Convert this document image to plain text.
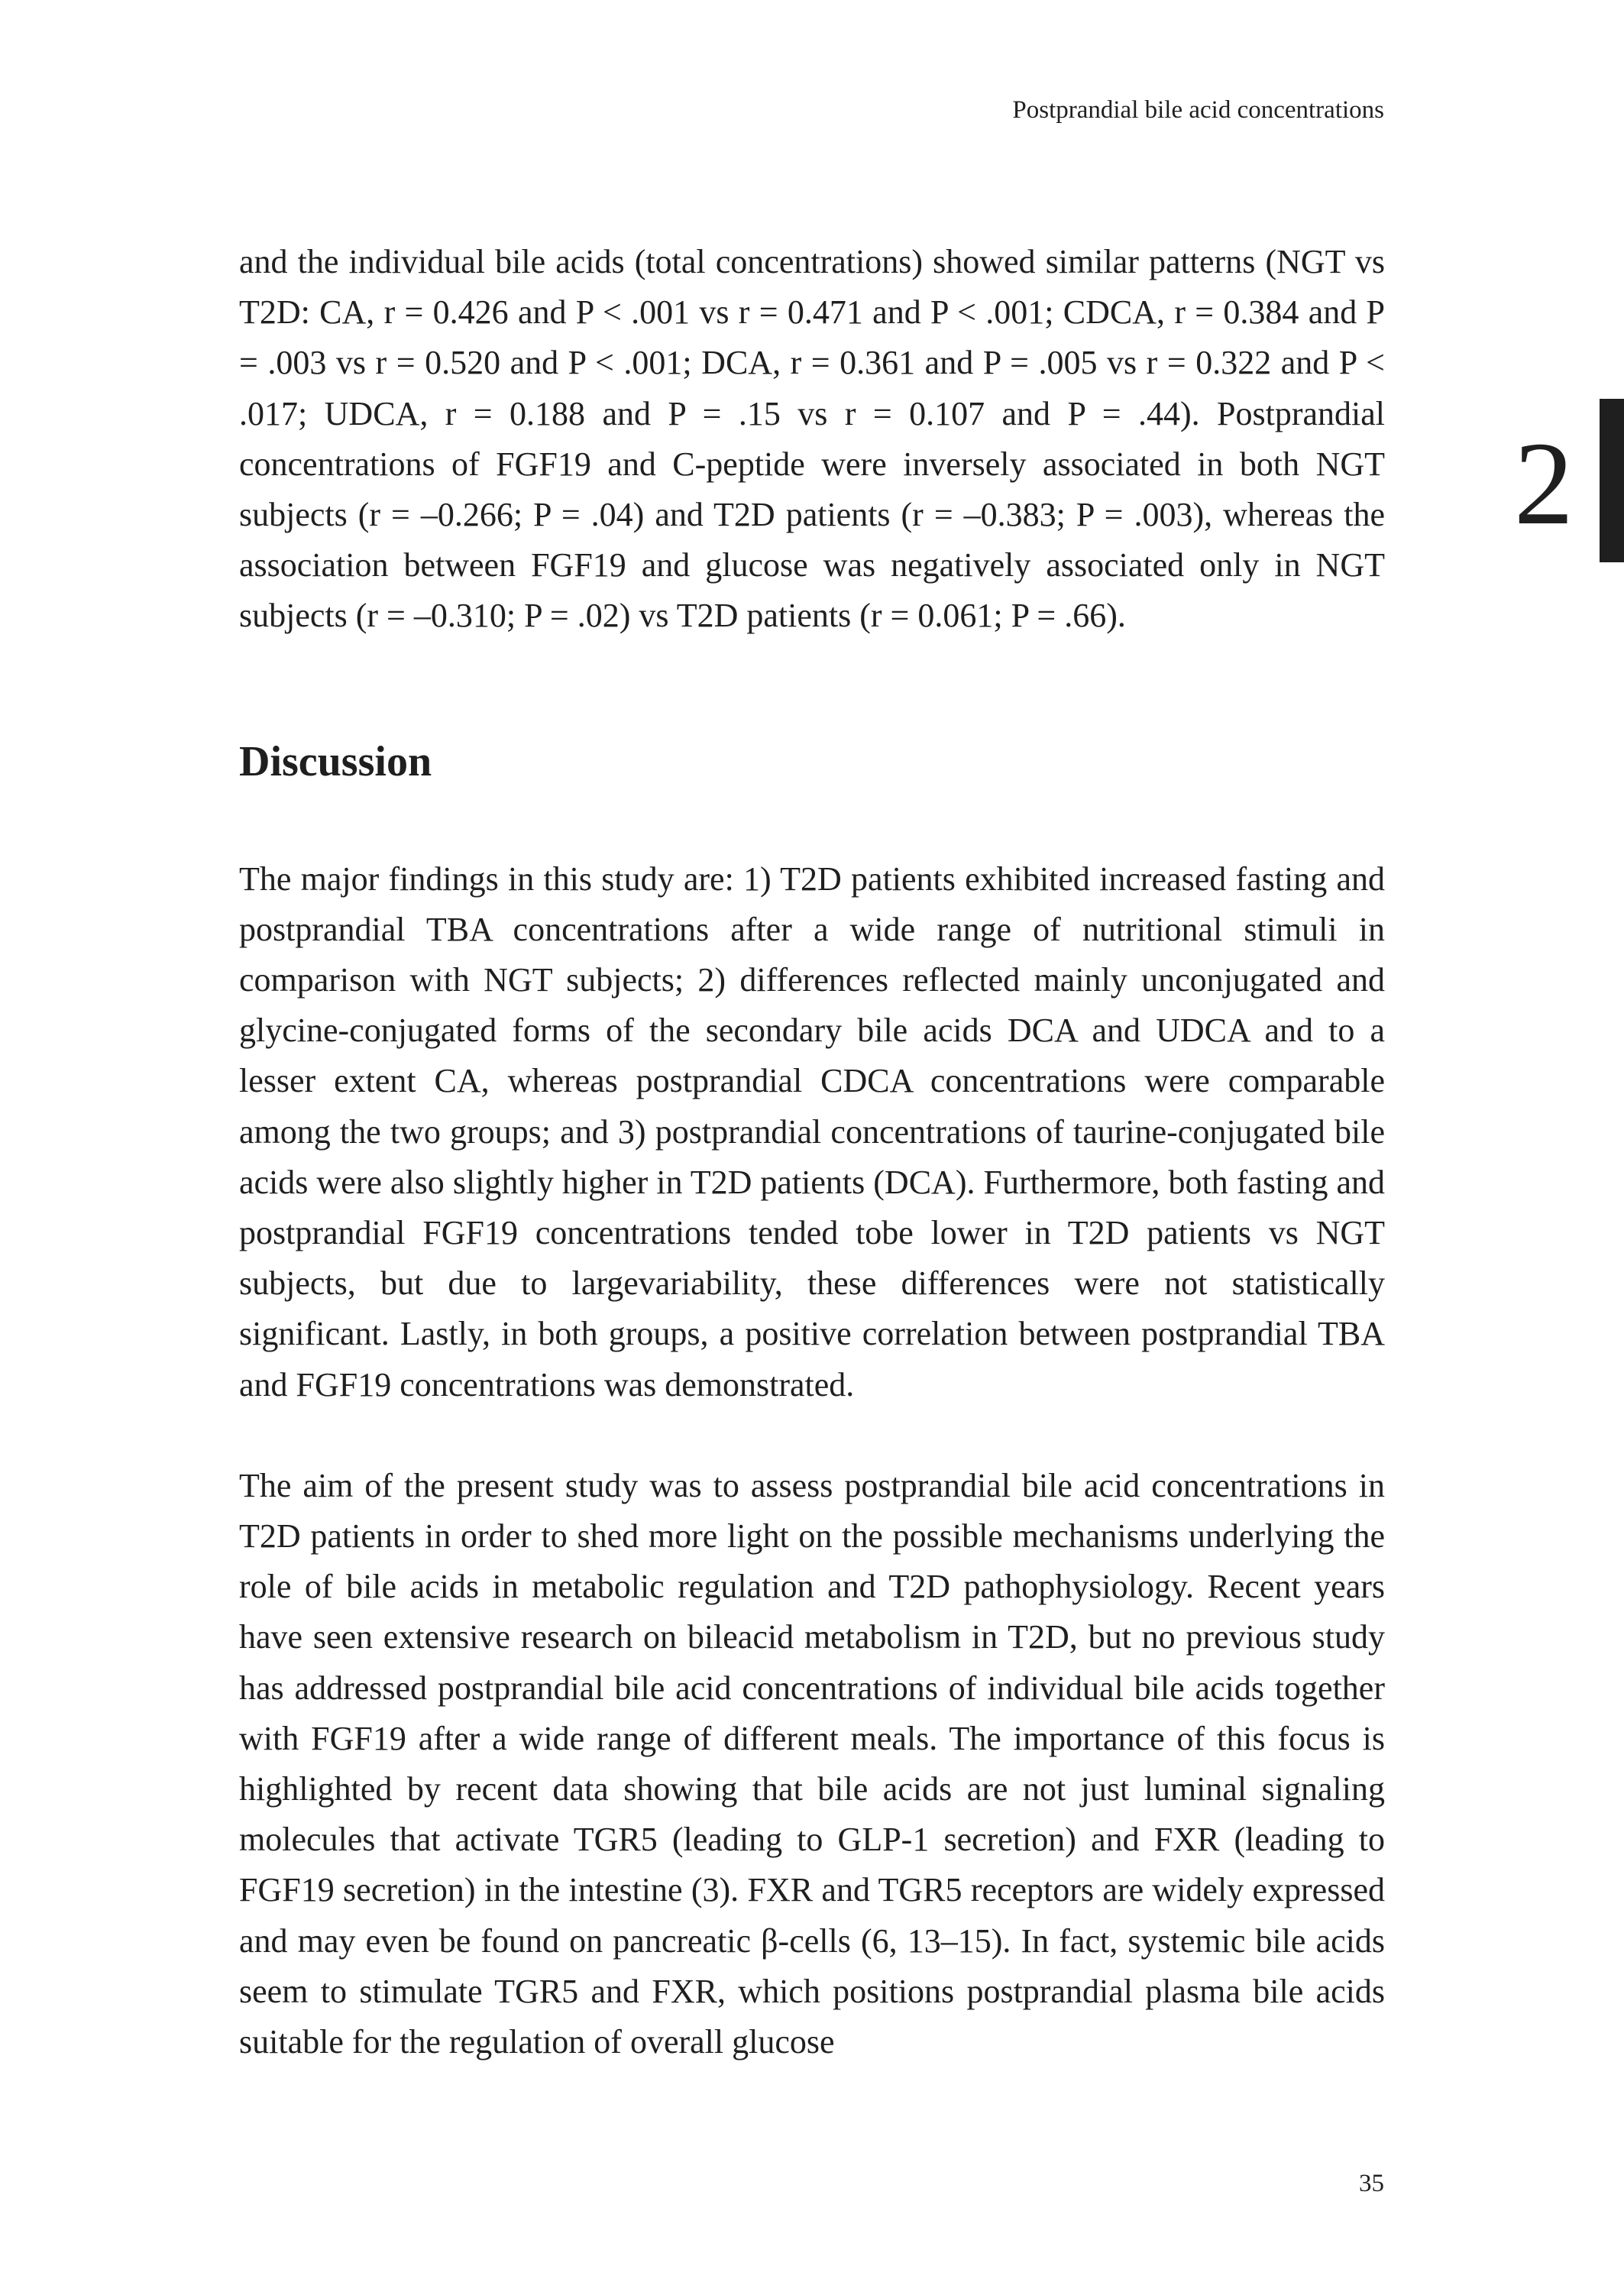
Postprandial bile acid concentrations
2

and the individual bile acids (total concentrations) showed similar patterns (NGT vs T2D: CA, r = 0.426 and P < .001 vs r = 0.471 and P < .001; CDCA, r = 0.384 and P = .003 vs r = 0.520 and P < .001; DCA, r = 0.361 and P = .005 vs r = 0.322 and P < .017; UDCA, r = 0.188 and P = .15 vs r = 0.107 and P = .44). Postprandial concentrations of FGF19 and C-peptide were inversely associated in both NGT subjects (r = –0.266; P = .04) and T2D patients (r = –0.383; P = .003), whereas the association between FGF19 and glucose was negatively associated only in NGT subjects (r = –0.310; P = .02) vs T2D patients (r = 0.061; P = .66).

Discussion

The major findings in this study are: 1) T2D patients exhibited increased fasting and postprandial TBA concentrations after a wide range of nutritional stimuli in comparison with NGT subjects; 2) differences reflected mainly unconjugated and glycine-conjugated forms of the secondary bile acids DCA and UDCA and to a lesser extent CA, whereas postprandial CDCA concentrations were comparable among the two groups; and 3) postprandial concentrations of taurine-conjugated bile acids were also slightly higher in T2D patients (DCA). Furthermore, both fasting and postprandial FGF19 concentrations tended tobe lower in T2D patients vs NGT subjects, but due to largevariability, these differences were not statistically significant. Lastly, in both groups, a positive correlation between postprandial TBA and FGF19 concentrations was demonstrated.

The aim of the present study was to assess postprandial bile acid concentrations in T2D patients in order to shed more light on the possible mechanisms underlying the role of bile acids in metabolic regulation and T2D pathophysiology. Recent years have seen extensive research on bileacid metabolism in T2D, but no previous study has addressed postprandial bile acid concentrations of individual bile acids together with FGF19 after a wide range of different meals. The importance of this focus is highlighted by recent data showing that bile acids are not just luminal signaling molecules that activate TGR5 (leading to GLP-1 secretion) and FXR (leading to FGF19 secretion) in the intestine (3). FXR and TGR5 receptors are widely expressed and may even be found on pancreatic β-cells (6, 13–15). In fact, systemic bile acids seem to stimulate TGR5 and FXR, which positions postprandial plasma bile acids suitable for the regulation of overall glucose

35
